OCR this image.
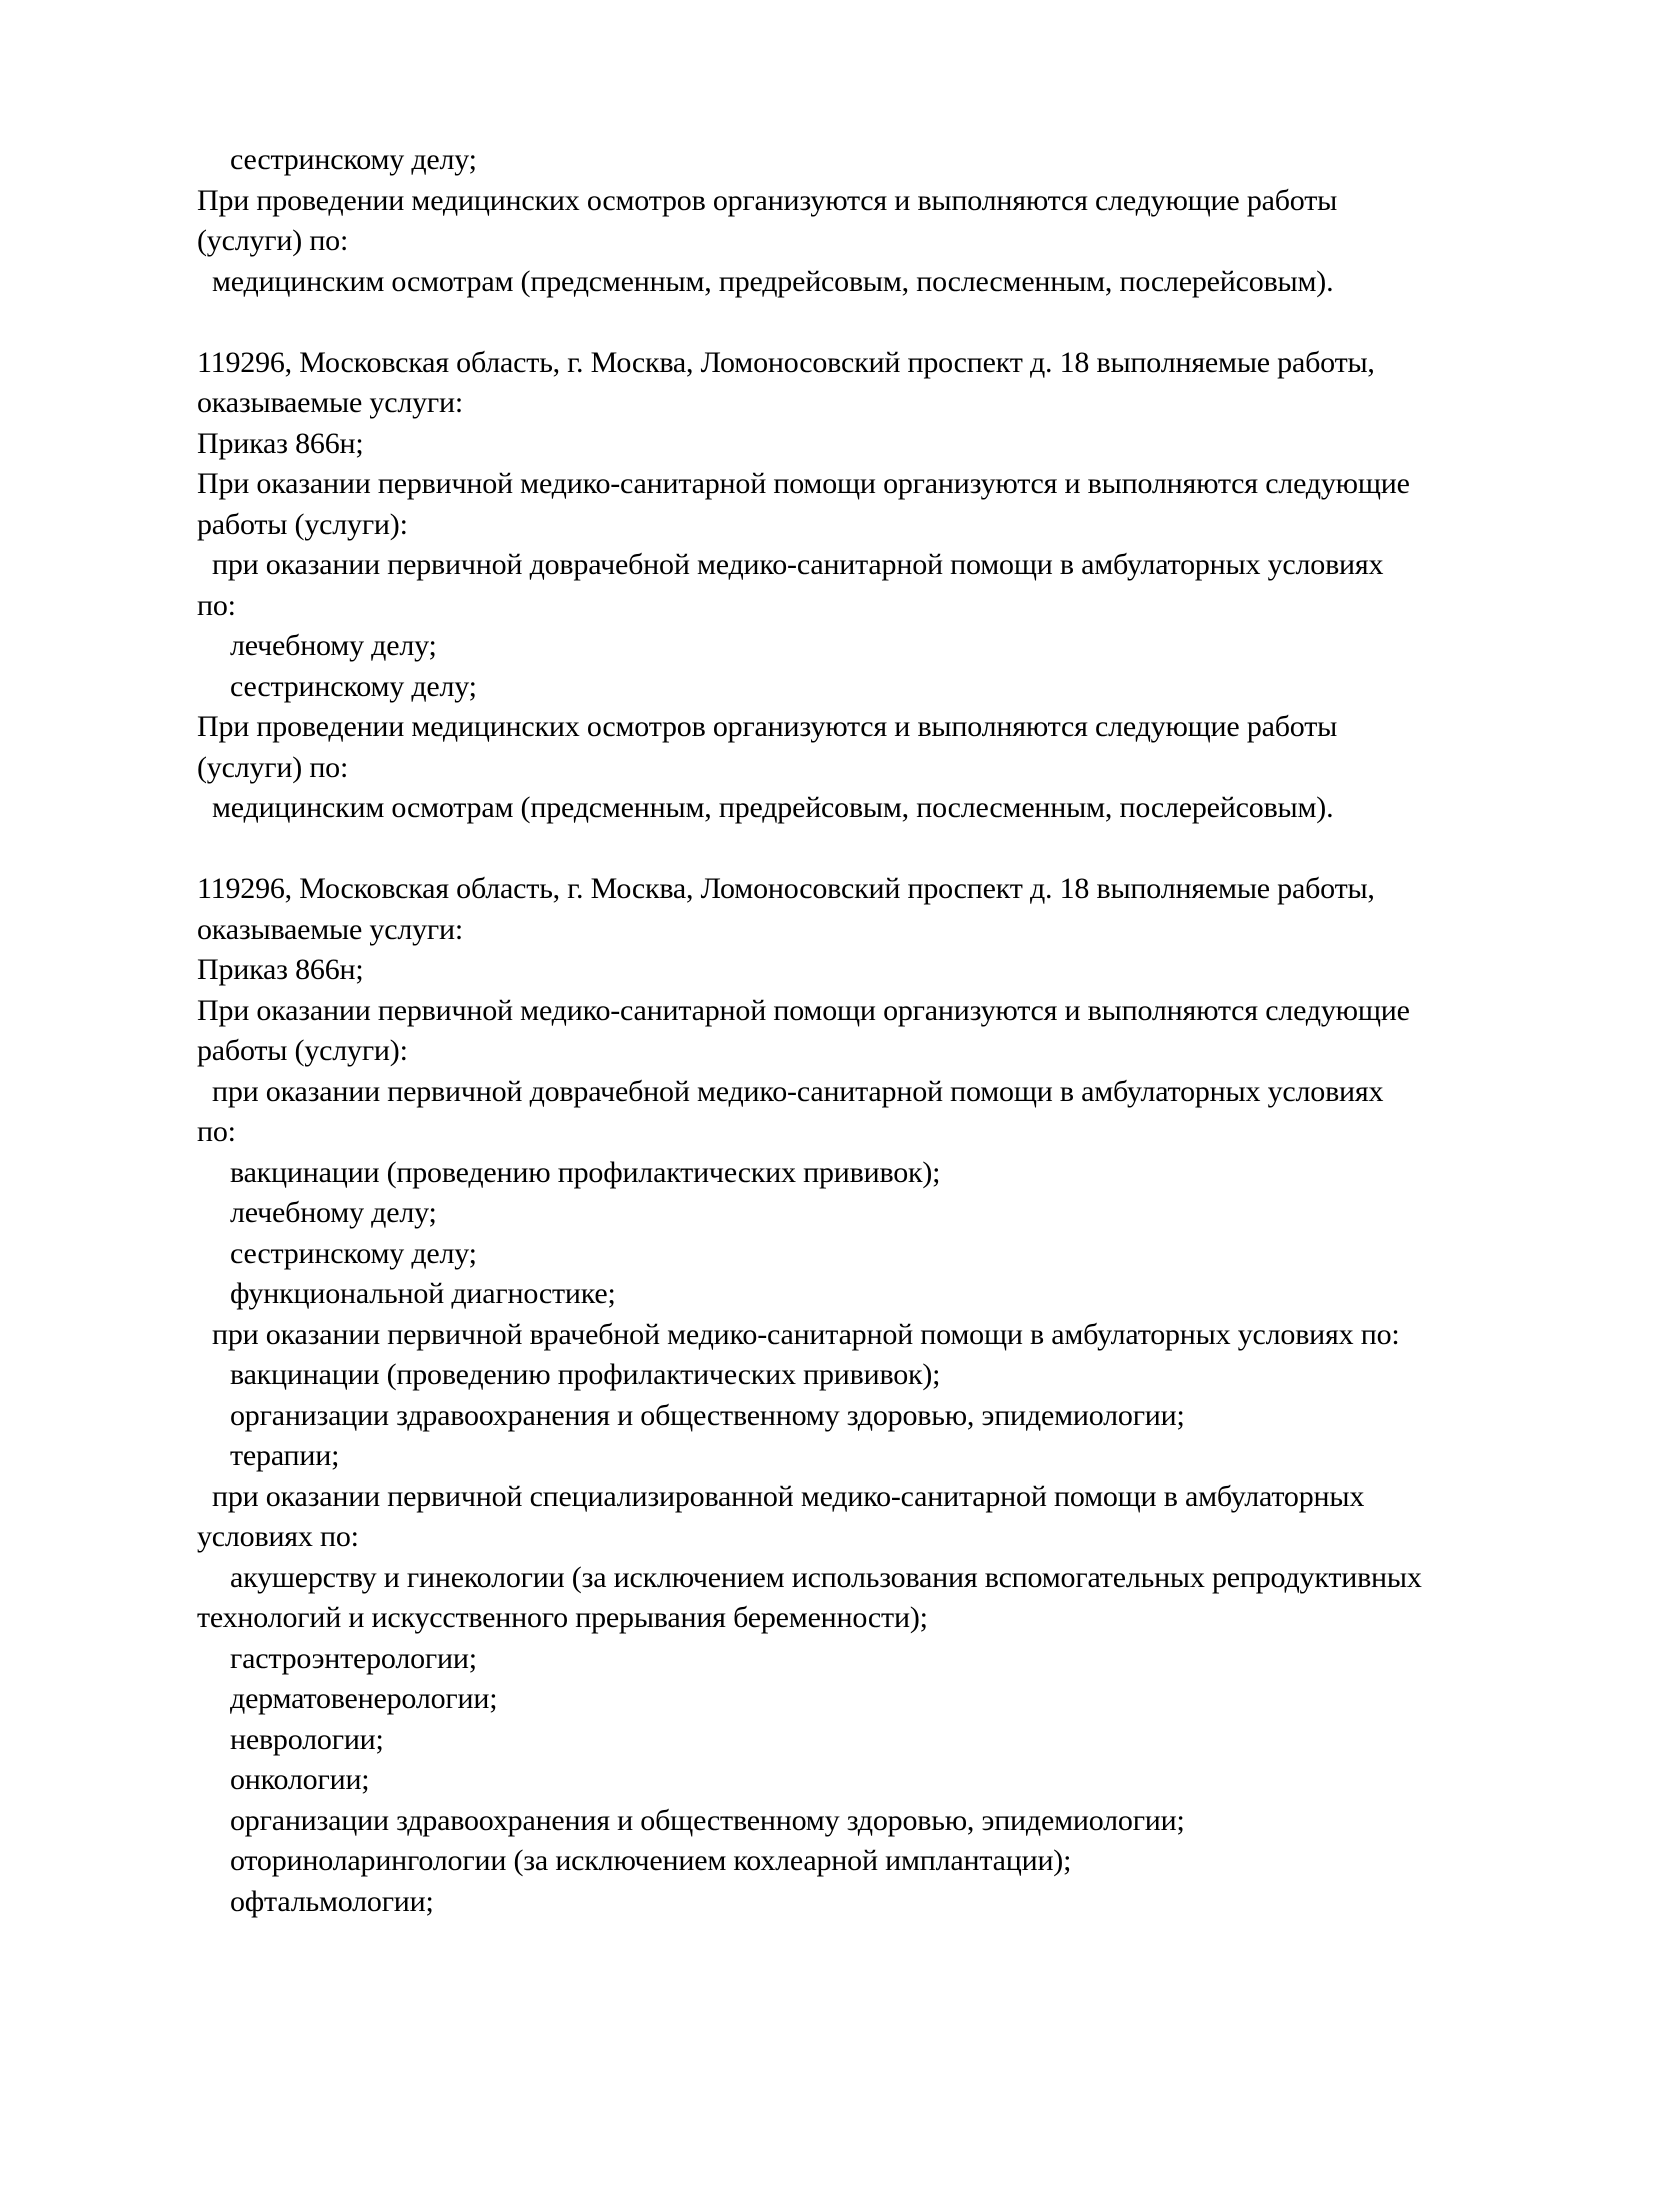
сестринскому делу;
При проведении медицинских осмотров организуются и выполняются следующие работы
(услуги) по:
медицинским осмотрам (предсменным, предрейсовым, послесменным, послерейсовым).

119296, Московская область, г. Москва, Ломоносовский проспект д. 18 выполняемые работы,
оказываемые услуги:
Приказ 866н;
При оказании первичной медико-санитарной помощи организуются и выполняются следующие
работы (услуги):
при оказании первичной доврачебной медико-санитарной помощи в амбулаторных условиях
по:
лечебному делу;
сестринскому делу;
При проведении медицинских осмотров организуются и выполняются следующие работы
(услуги) по:
медицинским осмотрам (предсменным, предрейсовым, послесменным, послерейсовым).

119296, Московская область, г. Москва, Ломоносовский проспект д. 18 выполняемые работы,
оказываемые услуги:
Приказ 866н;
При оказании первичной медико-санитарной помощи организуются и выполняются следующие
работы (услуги):
при оказании первичной доврачебной медико-санитарной помощи в амбулаторных условиях
по:
вакцинации (проведению профилактических прививок);
лечебному делу;
сестринскому делу;
функциональной диагностике;
при оказании первичной врачебной медико-санитарной помощи в амбулаторных условиях по:
вакцинации (проведению профилактических прививок);
организации здравоохранения и общественному здоровью, эпидемиологии;
терапии;
при оказании первичной специализированной медико-санитарной помощи в амбулаторных
условиях по:
акушерству и гинекологии (за исключением использования вспомогательных репродуктивных
технологий и искусственного прерывания беременности);
гастроэнтерологии;
дерматовенерологии;
неврологии;
онкологии;
организации здравоохранения и общественному здоровью, эпидемиологии;
оториноларингологии (за исключением кохлеарной имплантации);
офтальмологии;
